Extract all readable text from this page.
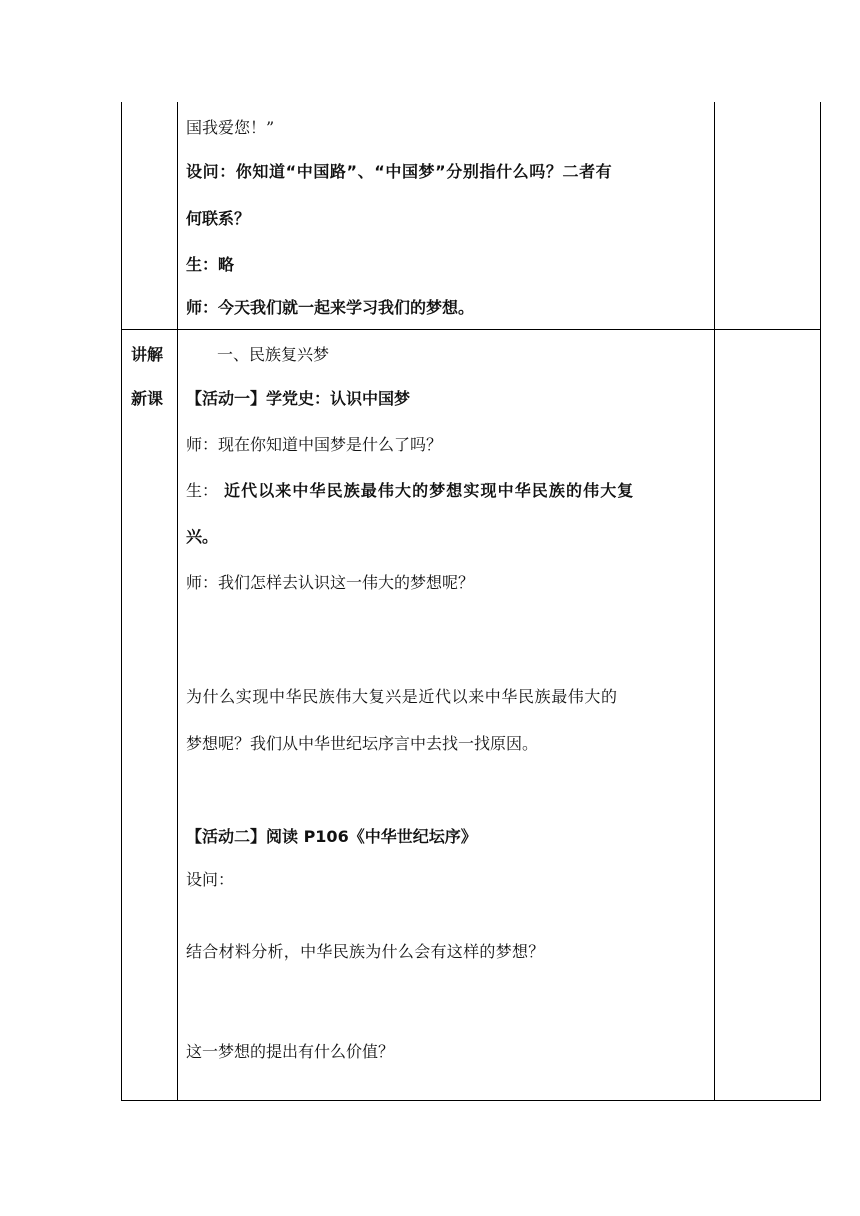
国我爱您！”
设问：你知道“中国路”、“中国梦”分别指什么吗？二者有
何联系？
生：略
师：今天我们就一起来学习我们的梦想。
讲解
新课
一、民族复兴梦
【活动一】学党史：认识中国梦
师：现在你知道中国梦是什么了吗？
生： 近代以来中华民族最伟大的梦想实现中华民族的伟大复
兴。
师：我们怎样去认识这一伟大的梦想呢？
为什么实现中华民族伟大复兴是近代以来中华民族最伟大的
梦想呢？我们从中华世纪坛序言中去找一找原因。
【活动二】阅读 P106《中华世纪坛序》
设问：
结合材料分析，中华民族为什么会有这样的梦想？
这一梦想的提出有什么价值？
